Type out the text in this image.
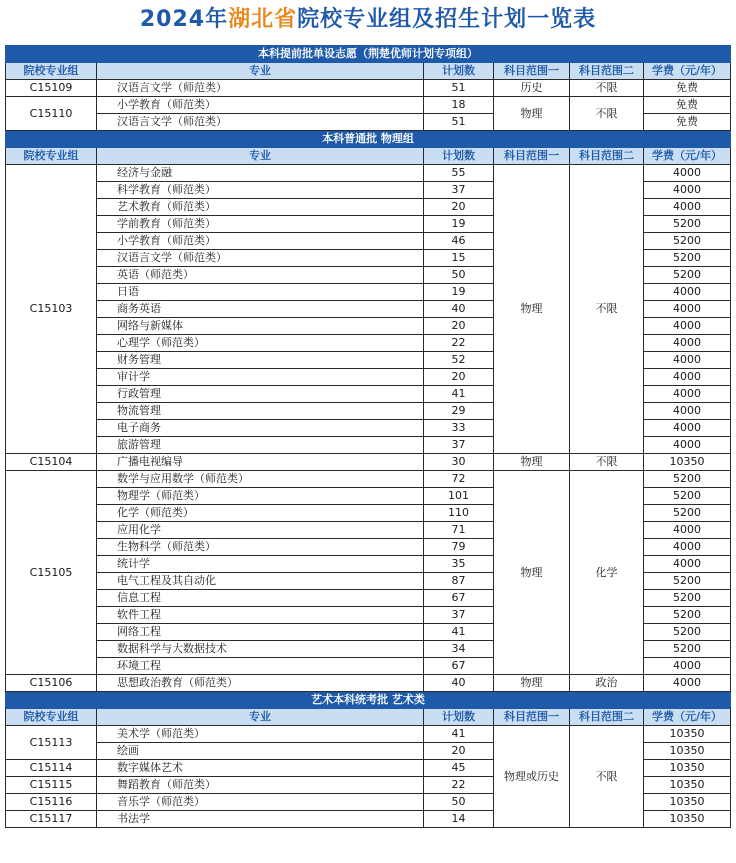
2024年湖北省院校专业组及招生计划一览表
本科提前批单设志愿（荆楚优师计划专项组）					
院校专业组	专业	计划数	科目范围一	科目范围二	学费（元/年）
C15109	汉语言文学（师范类）	51	历史	不限	免费
C15110	小学教育（师范类）	18	物理	不限	免费
	汉语言文学（师范类）	51			免费
本科普通批 物理组					
院校专业组	专业	计划数	科目范围一	科目范围二	学费（元/年）
C15103	经济与金融	55	物理	不限	4000
	科学教育（师范类）	37			4000
	艺术教育（师范类）	20			4000
	学前教育（师范类）	19			5200
	小学教育（师范类）	46			5200
	汉语言文学（师范类）	15			5200
	英语（师范类）	50			5200
	日语	19			4000
	商务英语	40			4000
	网络与新媒体	20			4000
	心理学（师范类）	22			4000
	财务管理	52			4000
	审计学	20			4000
	行政管理	41			4000
	物流管理	29			4000
	电子商务	33			4000
	旅游管理	37			4000
C15104	广播电视编导	30	物理	不限	10350
C15105	数学与应用数学（师范类）	72	物理	化学	5200
	物理学（师范类）	101			5200
	化学（师范类）	110			5200
	应用化学	71			4000
	生物科学（师范类）	79			4000
	统计学	35			4000
	电气工程及其自动化	87			5200
	信息工程	67			5200
	软件工程	37			5200
	网络工程	41			5200
	数据科学与大数据技术	34			5200
	环境工程	67			4000
C15106	思想政治教育（师范类）	40	物理	政治	4000
艺术本科统考批 艺术类					
院校专业组	专业	计划数	科目范围一	科目范围二	学费（元/年）
C15113	美术学（师范类）	41	物理或历史	不限	10350
	绘画	20			10350
C15114	数字媒体艺术	45			10350
C15115	舞蹈教育（师范类）	22			10350
C15116	音乐学（师范类）	50			10350
C15117	书法学	14			10350
